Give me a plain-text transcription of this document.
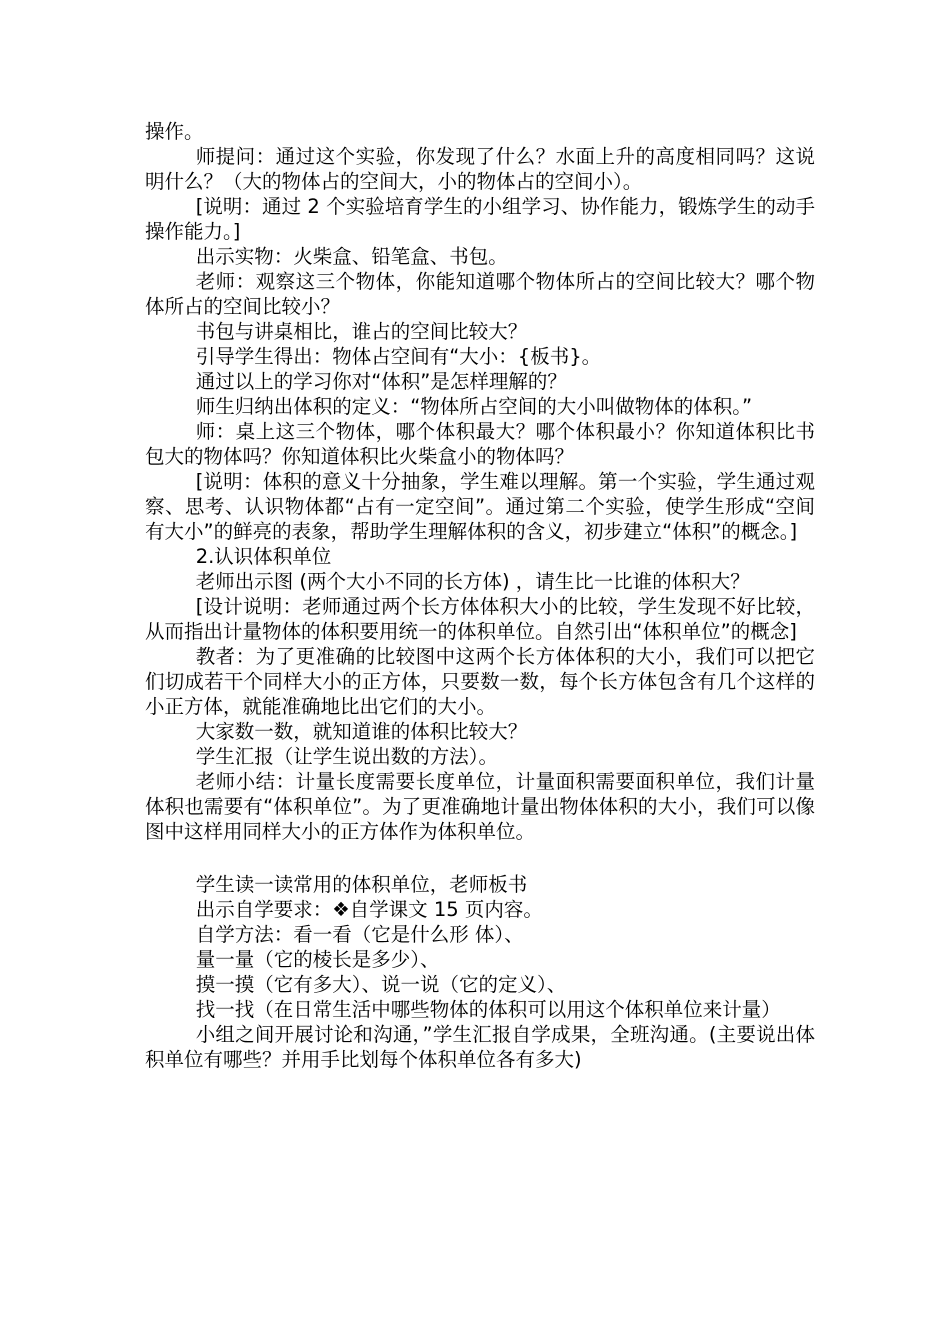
操作。

师提问：通过这个实验，你发现了什么？水面上升的高度相同吗？这说明什么？（大的物体占的空间大，小的物体占的空间小）。

[说明：通过 2 个实验培育学生的小组学习、协作能力，锻炼学生的动手操作能力。]

出示实物：火柴盒、铅笔盒、书包。

老师：观察这三个物体，你能知道哪个物体所占的空间比较大？哪个物体所占的空间比较小？

书包与讲桌相比，谁占的空间比较大？

引导学生得出：物体占空间有“大小：{板书}。

通过以上的学习你对“体积”是怎样理解的？

师生归纳出体积的定义：“物体所占空间的大小叫做物体的体积。”

师：桌上这三个物体，哪个体积最大？哪个体积最小？你知道体积比书包大的物体吗？你知道体积比火柴盒小的物体吗？

[说明：体积的意义十分抽象，学生难以理解。第一个实验，学生通过观察、思考、认识物体都“占有一定空间”。通过第二个实验，使学生形成“空间有大小”的鲜亮的表象，帮助学生理解体积的含义，初步建立“体积”的概念。]

2.认识体积单位

老师出示图 (两个大小不同的长方体) ，请生比一比谁的体积大？

[设计说明：老师通过两个长方体体积大小的比较，学生发现不好比较，从而指出计量物体的体积要用统一的体积单位。自然引出“体积单位”的概念]

教者：为了更准确的比较图中这两个长方体体积的大小，我们可以把它们切成若干个同样大小的正方体，只要数一数，每个长方体包含有几个这样的小正方体，就能准确地比出它们的大小。

大家数一数，就知道谁的体积比较大？

学生汇报（让学生说出数的方法）。

老师小结：计量长度需要长度单位，计量面积需要面积单位，我们计量体积也需要有“体积单位”。为了更准确地计量出物体体积的大小，我们可以像图中这样用同样大小的正方体作为体积单位。

学生读一读常用的体积单位，老师板书

出示自学要求：❖自学课文 15 页内容。

自学方法：看一看（它是什么形 体）、

量一量（它的棱长是多少）、

摸一摸（它有多大）、说一说（它的定义）、

找一找（在日常生活中哪些物体的体积可以用这个体积单位来计量）

小组之间开展讨论和沟通，”学生汇报自学成果，全班沟通。(主要说出体积单位有哪些？并用手比划每个体积单位各有多大)
